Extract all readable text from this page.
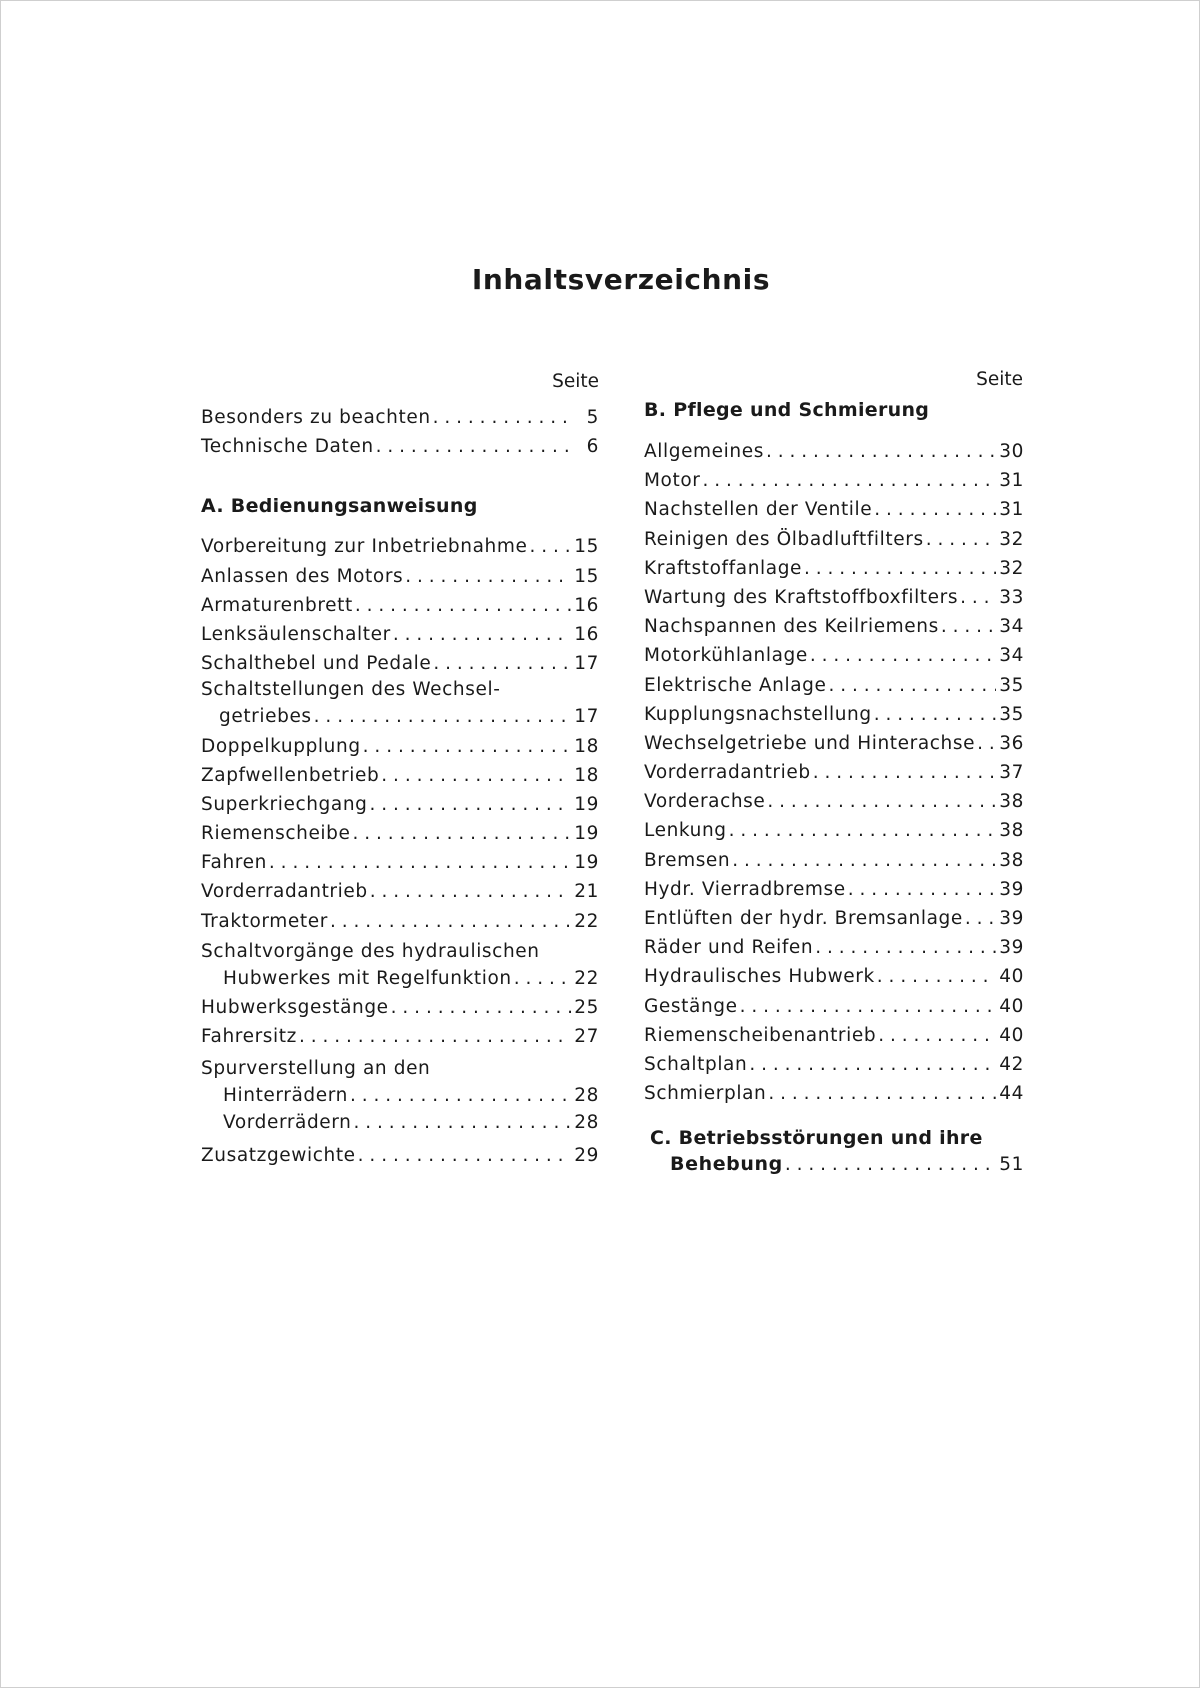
Inhaltsverzeichnis
Seite
Besonders zu beachten . . .	5
Technische Daten . . .	6
A. Bedienungsanweisung
Vorbereitung zur Inbetriebnahme . . .	15
Anlassen des Motors . . .	15
Armaturenbrett . . .	16
Lenksäulenschalter . . .	16
Schalthebel und Pedale . . .	17
Schaltstellungen des Wechsel-
getriebes . . .	17
Doppelkupplung . . .	18
Zapfwellenbetrieb . . .	18
Superkriechgang . . .	19
Riemenscheibe . . .	19
Fahren . . .	19
Vorderradantrieb . . .	21
Traktormeter . . .	22
Schaltvorgänge des hydraulischen
Hubwerkes mit Regelfunktion . . .	22
Hubwerksgestänge . . .	25
Fahrersitz . . .	27
Spurverstellung an den
Hinterrädern . . .	28
Vorderrädern . . .	28
Zusatzgewichte . . .	29
Seite
B. Pflege und Schmierung
Allgemeines . . .	30
Motor . . .	31
Nachstellen der Ventile . . .	31
Reinigen des Ölbadluftfilters . . .	32
Kraftstoffanlage . . .	32
Wartung des Kraftstoffboxfilters . . . 33
Nachspannen des Keilriemens . . .	34
Motorkühlanlage . . .	34
Elektrische Anlage . . .	35
Kupplungsnachstellung . . .	35
Wechselgetriebe und Hinterachse . . . 36
Vorderradantrieb . . .	37
Vorderachse . . .	38
Lenkung . . .	38
Bremsen . . .	38
Hydr. Vierradbremse . . .	39
Entlüften der hydr. Bremsanlage . . . 39
Räder und Reifen . . .	39
Hydraulisches Hubwerk . . .	40
Gestänge . . .	40
Riemenscheibenantrieb . . .	40
Schaltplan . . .	42
Schmierplan . . .	44
C. Betriebsstörungen und ihre
Behebung . . .	51
